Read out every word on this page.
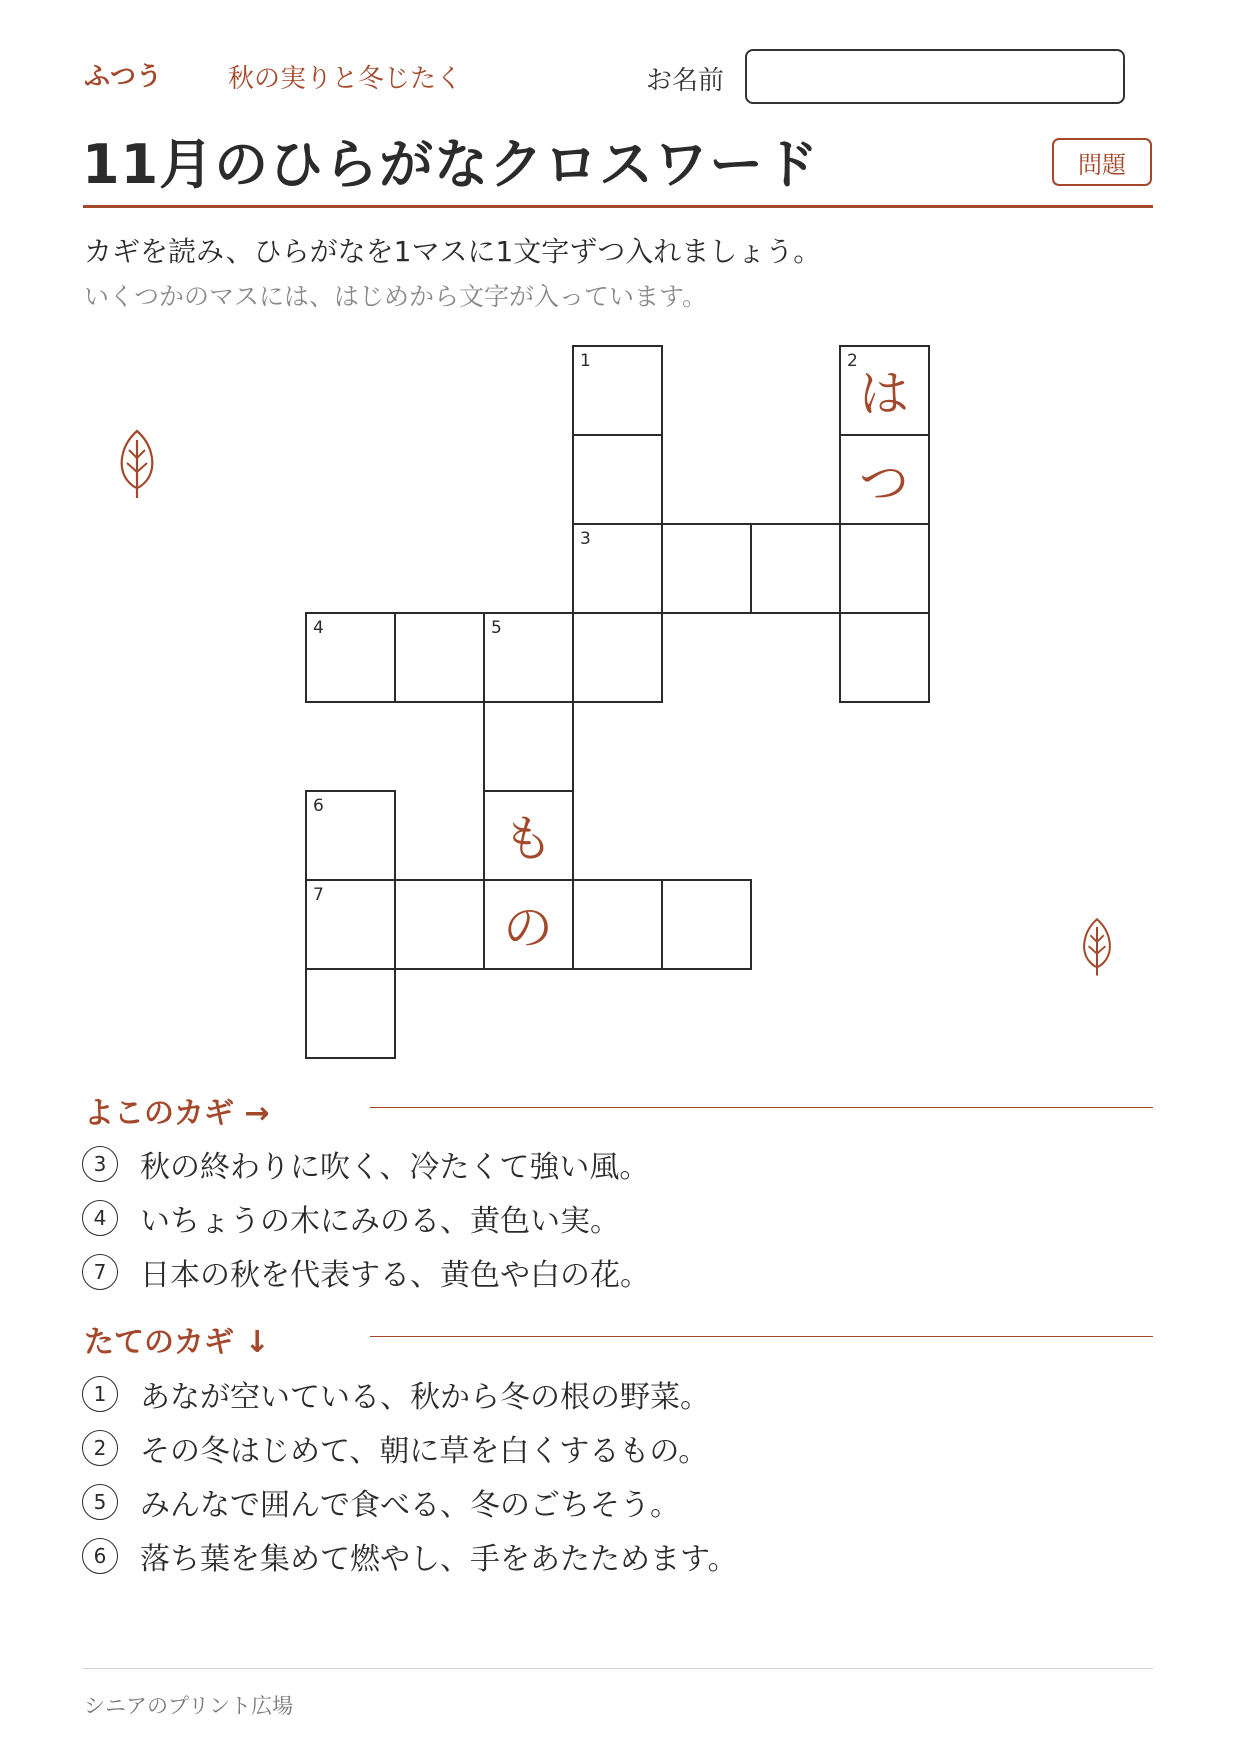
ふつう	秋の実りと冬じたく	お名前
11月のひらがなクロスワード	問題
カギを読み、ひらがなを1マスに1文字ずつ入れましょう。
いくつかのマスには、はじめから文字が入っています。
1	2
は
つ
3
4	5
6
も
7
の
よこのカギ →
3	秋の終わりに吹く、冷たくて強い風。
4	いちょうの木にみのる、黄色い実。
7	日本の秋を代表する、黄色や白の花。
たてのカギ ↓
1	あなが空いている、秋から冬の根の野菜。
2	その冬はじめて、朝に草を白くするもの。
5	みんなで囲んで食べる、冬のごちそう。
6	落ち葉を集めて燃やし、手をあたためます。
シニアのプリント広場
